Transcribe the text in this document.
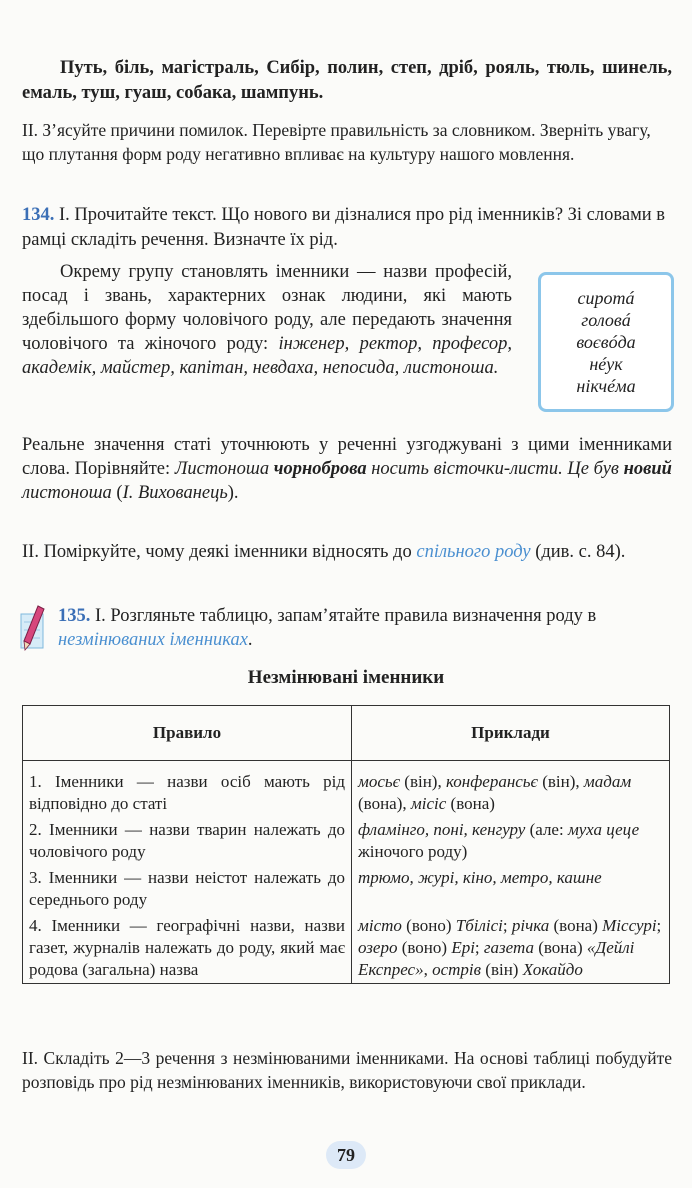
Путь, біль, магістраль, Сибір, полин, степ, дріб, рояль, тюль, шинель, емаль, туш, гуаш, собака, шампунь.
II. З’ясуйте причини помилок. Перевірте правильність за словником. Зверніть увагу, що плутання форм роду негативно впливає на культуру нашого мовлення.
134. I. Прочитайте текст. Що нового ви дізналися про рід іменників? Зі словами в рамці складіть речення. Визначте їх рід.
Окрему групу становлять іменники — назви професій, посад і звань, характерних ознак людини, які мають здебільшого форму чоловічого роду, але передають значення чоловічого та жіночого роду: інженер, ректор, професор, академік, майстер, капітан, невдаха, непосида, листоноша.
Реальне значення статі уточнюють у реченні узгоджувані з цими іменниками слова. Порівняйте: Листоноша чорноброва носить вісточки-листи. Це був новий листоноша (І. Вихованець).
сиротá
головá
воєвóда
нéук
нікчéма
II. Поміркуйте, чому деякі іменники відносять до спільного роду (див. с. 84).
135. I. Розгляньте таблицю, запам’ятайте правила визначення роду в незмінюваних іменниках.
Незмінювані іменники
Правило	Приклади
1. Іменники — назви осіб мають рід відповідно до статі	мосьє (він), конферансьє (він), мадам (вона), місіс (вона)
2. Іменники — назви тварин належать до чоловічого роду	фламінго, поні, кенгуру (але: муха цеце жіночого роду)
3. Іменники — назви неістот належать до середнього роду	трюмо, журі, кіно, метро, кашне
4. Іменники — географічні назви, назви газет, журналів належать до роду, який має родова (загальна) назва	місто (воно) Тбілісі; річка (вона) Міссурі; озеро (воно) Ері; газета (вона) «Дейлі Експрес», острів (він) Хокайдо
II. Складіть 2—3 речення з незмінюваними іменниками. На основі таблиці побудуйте розповідь про рід незмінюваних іменників, використовуючи свої приклади.
79
